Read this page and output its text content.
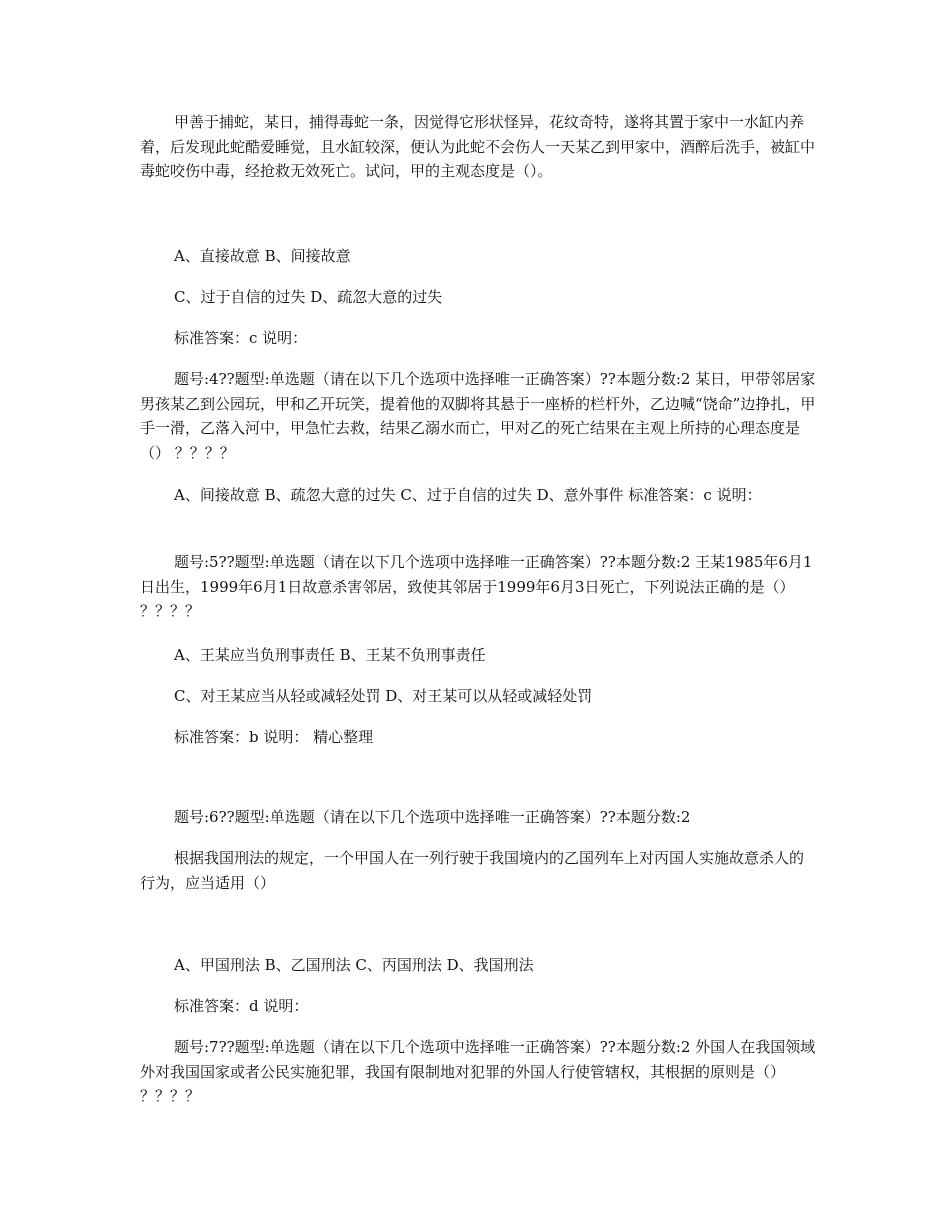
甲善于捕蛇，某日，捕得毒蛇一条，因觉得它形状怪异，花纹奇特，遂将其置于家中一水缸内养着，后发现此蛇酷爱睡觉，且水缸较深，便认为此蛇不会伤人一天某乙到甲家中，酒醉后洗手，被缸中毒蛇咬伤中毒，经抢救无效死亡。试问，甲的主观态度是（）。

A、直接故意 B、间接故意

C、过于自信的过失 D、疏忽大意的过失

标准答案：c 说明：

题号:4??题型:单选题（请在以下几个选项中选择唯一正确答案）??本题分数:2 某日，甲带邻居家男孩某乙到公园玩，甲和乙开玩笑，提着他的双脚将其悬于一座桥的栏杆外，乙边喊“饶命”边挣扎，甲手一滑，乙落入河中，甲急忙去救，结果乙溺水而亡，甲对乙的死亡结果在主观上所持的心理态度是（） ？？？？

A、间接故意 B、疏忽大意的过失 C、过于自信的过失 D、意外事件 标准答案：c 说明：

题号:5??题型:单选题（请在以下几个选项中选择唯一正确答案）??本题分数:2 王某1985年6月1日出生，1999年6月1日故意杀害邻居，致使其邻居于1999年6月3日死亡，下列说法正确的是（） ？？？？

A、王某应当负刑事责任 B、王某不负刑事责任

C、对王某应当从轻或减轻处罚 D、对王某可以从轻或减轻处罚

标准答案：b 说明： 精心整理

题号:6??题型:单选题（请在以下几个选项中选择唯一正确答案）??本题分数:2

根据我国刑法的规定，一个甲国人在一列行驶于我国境内的乙国列车上对丙国人实施故意杀人的行为，应当适用（）

A、甲国刑法 B、乙国刑法 C、丙国刑法 D、我国刑法

标准答案：d 说明：

题号:7??题型:单选题（请在以下几个选项中选择唯一正确答案）??本题分数:2 外国人在我国领域外对我国国家或者公民实施犯罪，我国有限制地对犯罪的外国人行使管辖权，其根据的原则是（） ？？？？
